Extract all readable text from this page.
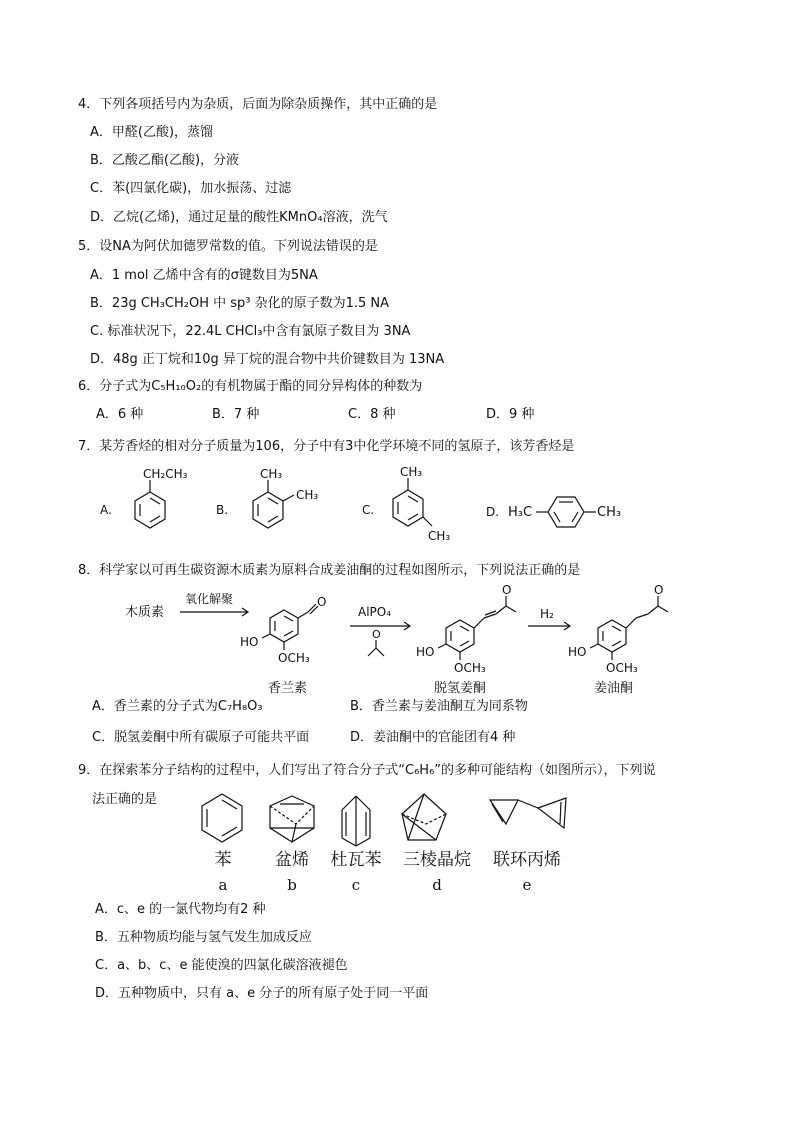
4．下列各项括号内为杂质，后面为除杂质操作，其中正确的是
A．甲醛(乙酸)，蒸馏
B．乙酸乙酯(乙酸)，分液
C．苯(四氯化碳)，加水振荡、过滤
D．乙烷(乙烯)，通过足量的酸性KMnO₄溶液，洗气
5．设NA为阿伏加德罗常数的值。下列说法错误的是
A．1 mol 乙烯中含有的σ键数目为5NA
B．23g CH₃CH₂OH 中 sp³ 杂化的原子数为1.5 NA
C. 标准状况下，22.4L CHCl₃中含有氯原子数目为 3NA
D．48g 正丁烷和10g 异丁烷的混合物中共价键数目为 13NA
6．分子式为C₅H₁₀O₂的有机物属于酯的同分异构体的种数为
A．6 种	B．7 种	C．8 种	D．9 种
7．某芳香烃的相对分子质量为106，分子中有3中化学环境不同的氢原子，该芳香烃是
A.
CH₂CH₃
B.
CH₃
CH₃
C.
CH₃
CH₃
D. H₃C	CH₃
8．科学家以可再生碳资源木质素为原料合成姜油酮的过程如图所示，下列说法正确的是
木质素
氧化解聚	O
HO
OCH₃
AlPO₄
O
O
HO
OCH₃
H₂
O
HO
OCH₃
香兰素	脱氢姜酮	姜油酮
A．香兰素的分子式为C₇H₈O₃	B．香兰素与姜油酮互为同系物
C．脱氢姜酮中所有碳原子可能共平面	D．姜油酮中的官能团有4 种
9．在探索苯分子结构的过程中，人们写出了符合分子式“C₆H₆”的多种可能结构（如图所示），下列说
法正确的是
苯	盆烯 杜瓦苯 三棱晶烷 联环丙烯
a	b	c	d	e
A．c、e 的一氯代物均有2 种
B．五种物质均能与氢气发生加成反应
C．a、b、c、e 能使溴的四氯化碳溶液褪色
D．五种物质中，只有 a、e 分子的所有原子处于同一平面
